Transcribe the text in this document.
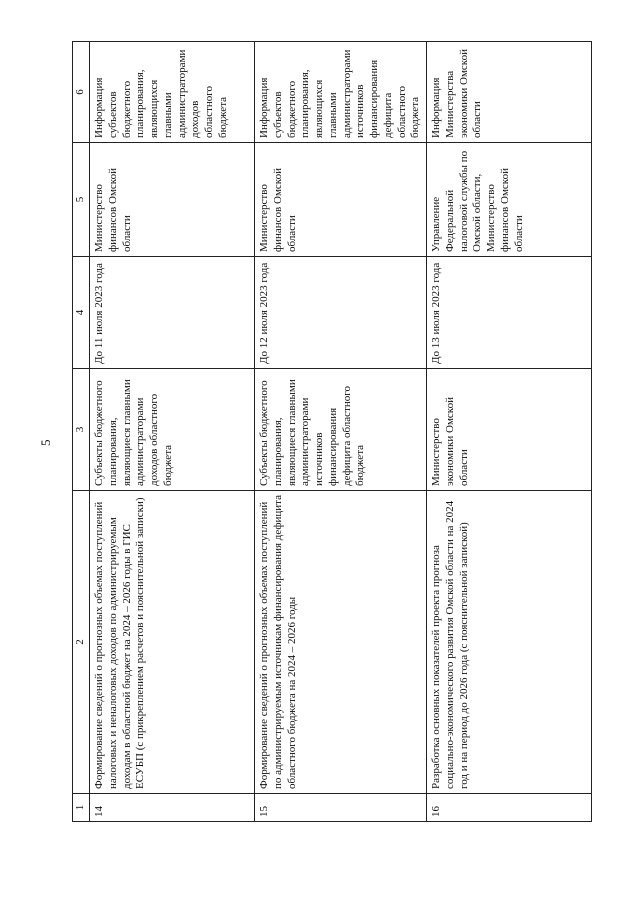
5
1	2	3	4	5	6
14	Формирование сведений о прогнозных объемах поступлений налоговых и неналоговых доходов по администрируемым доходам в областной бюджет на 2024 – 2026 годы в ГИС ЕСУБП (с прикреплением расчетов и пояснительной записки)	Субъекты бюджетного планирования, являющиеся главными администраторами доходов областного бюджета	До 11 июля 2023 года	Министерство финансов Омской области	Информация субъектов бюджетного планирования, являющихся главными администраторами доходов областного бюджета
15	Формирование сведений о прогнозных объемах поступлений по администрируемым источникам финансирования дефицита областного бюджета на 2024 – 2026 годы	Субъекты бюджетного планирования, являющиеся главными администраторами источников финансирования дефицита областного бюджета	До 12 июля 2023 года	Министерство финансов Омской области	Информация субъектов бюджетного планирования, являющихся главными администраторами источников финансирования дефицита областного бюджета
16	Разработка основных показателей проекта прогноза социально-экономического развития Омской области на 2024 год и на период до 2026 года (с пояснительной запиской)	Министерство экономики Омской области	До 13 июля 2023 года	Управление Федеральной налоговой службы по Омской области, Министерство финансов Омской области	Информация Министерства экономики Омской области
